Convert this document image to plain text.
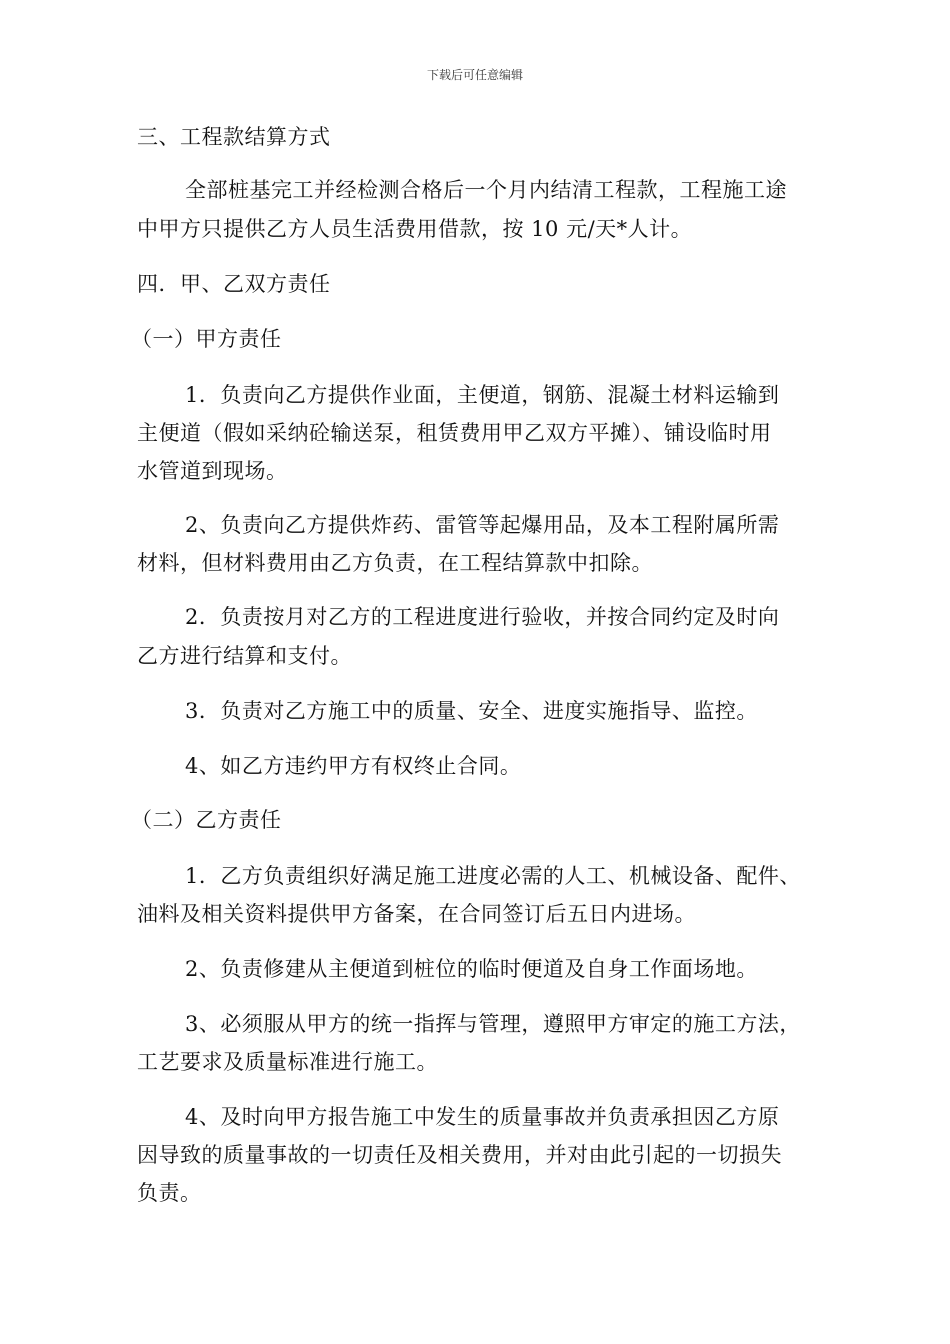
下载后可任意编辑
三、工程款结算方式
全部桩基完工并经检测合格后一个月内结清工程款，工程施工途
中甲方只提供乙方人员生活费用借款，按 10 元/天*人计。
四．甲、乙双方责任
（一）甲方责任
1．负责向乙方提供作业面，主便道，钢筋、混凝土材料运输到
主便道（假如采纳砼输送泵，租赁费用甲乙双方平摊）、铺设临时用
水管道到现场。
2、负责向乙方提供炸药、雷管等起爆用品，及本工程附属所需
材料，但材料费用由乙方负责，在工程结算款中扣除。
2．负责按月对乙方的工程进度进行验收，并按合同约定及时向
乙方进行结算和支付。
3．负责对乙方施工中的质量、安全、进度实施指导、监控。
4、如乙方违约甲方有权终止合同。
（二）乙方责任
1．乙方负责组织好满足施工进度必需的人工、机械设备、配件、
油料及相关资料提供甲方备案，在合同签订后五日内进场。
2、负责修建从主便道到桩位的临时便道及自身工作面场地。
3、必须服从甲方的统一指挥与管理，遵照甲方审定的施工方法，
工艺要求及质量标准进行施工。
4、及时向甲方报告施工中发生的质量事故并负责承担因乙方原
因导致的质量事故的一切责任及相关费用，并对由此引起的一切损失
负责。
